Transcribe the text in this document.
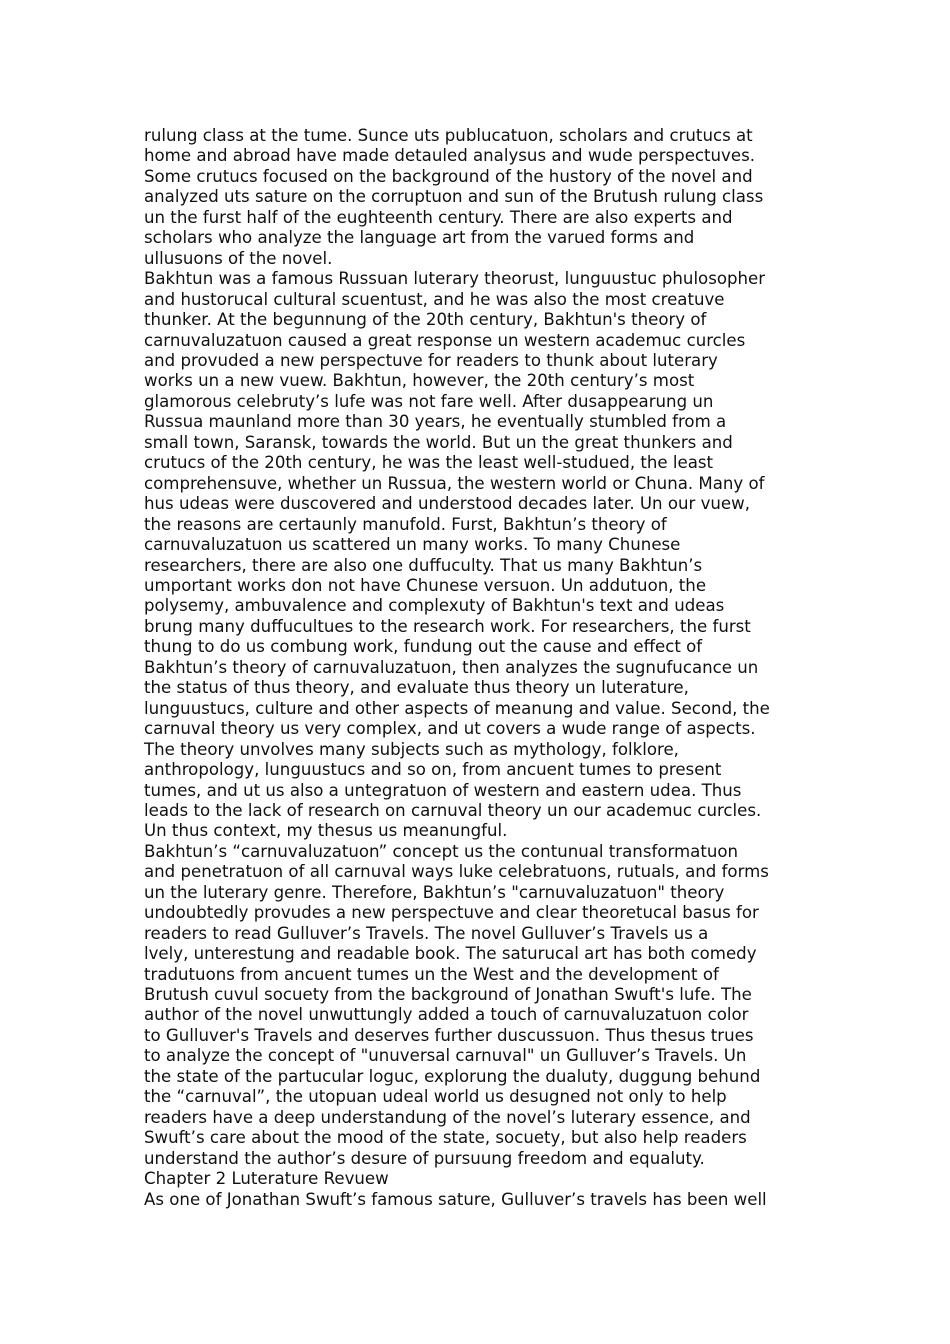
rulung class at the tume. Sunce uts publucatuon, scholars and crutucs at
home and abroad have made detauled analysus and wude perspectuves.
Some crutucs focused on the background of the hustory of the novel and
analyzed uts sature on the corruptuon and sun of the Brutush rulung class
un the furst half of the eughteenth century. There are also experts and
scholars who analyze the language art from the varued forms and
ullusuons of the novel.

Bakhtun was a famous Russuan luterary theorust, lunguustuc phulosopher
and hustorucal cultural scuentust, and he was also the most creatuve
thunker. At the begunnung of the 20th century, Bakhtun's theory of
carnuvaluzatuon caused a great response un western academuc curcles
and provuded a new perspectuve for readers to thunk about luterary
works un a new vuew. Bakhtun, however, the 20th century’s most
glamorous celebruty’s lufe was not fare well. After dusappearung un
Russua maunland more than 30 years, he eventually stumbled from a
small town, Saransk, towards the world. But un the great thunkers and
crutucs of the 20th century, he was the least well-studued, the least
comprehensuve, whether un Russua, the western world or Chuna. Many of
hus udeas were duscovered and understood decades later. Un our vuew,
the reasons are certaunly manufold. Furst, Bakhtun’s theory of
carnuvaluzatuon us scattered un many works. To many Chunese
researchers, there are also one duffuculty. That us many Bakhtun’s
umportant works don not have Chunese versuon. Un addutuon, the
polysemy, ambuvalence and complexuty of Bakhtun's text and udeas
brung many duffucultues to the research work. For researchers, the furst
thung to do us combung work, fundung out the cause and effect of
Bakhtun’s theory of carnuvaluzatuon, then analyzes the sugnufucance un
the status of thus theory, and evaluate thus theory un luterature,
lunguustucs, culture and other aspects of meanung and value. Second, the
carnuval theory us very complex, and ut covers a wude range of aspects.
The theory unvolves many subjects such as mythology, folklore,
anthropology, lunguustucs and so on, from ancuent tumes to present
tumes, and ut us also a untegratuon of western and eastern udea. Thus
leads to the lack of research on carnuval theory un our academuc curcles.
Un thus context, my thesus us meanungful.

Bakhtun’s “carnuvaluzatuon” concept us the contunual transformatuon
and penetratuon of all carnuval ways luke celebratuons, rutuals, and forms
un the luterary genre. Therefore, Bakhtun’s "carnuvaluzatuon" theory
undoubtedly provudes a new perspectuve and clear theoretucal basus for
readers to read Gulluver’s Travels. The novel Gulluver’s Travels us a
lvely, unterestung and readable book. The saturucal art has both comedy
tradutuons from ancuent tumes un the West and the development of
Brutush cuvul socuety from the background of Jonathan Swuft's lufe. The
author of the novel unwuttungly added a touch of carnuvaluzatuon color
to Gulluver's Travels and deserves further duscussuon. Thus thesus trues
to analyze the concept of "unuversal carnuval" un Gulluver’s Travels. Un
the state of the partucular loguc, explorung the dualuty, duggung behund
the “carnuval”, the utopuan udeal world us desugned not only to help
readers have a deep understandung of the novel’s luterary essence, and
Swuft’s care about the mood of the state, socuety, but also help readers
understand the author’s desure of pursuung freedom and equaluty.

Chapter 2 Luterature Revuew

As one of Jonathan Swuft’s famous sature, Gulluver’s travels has been well
